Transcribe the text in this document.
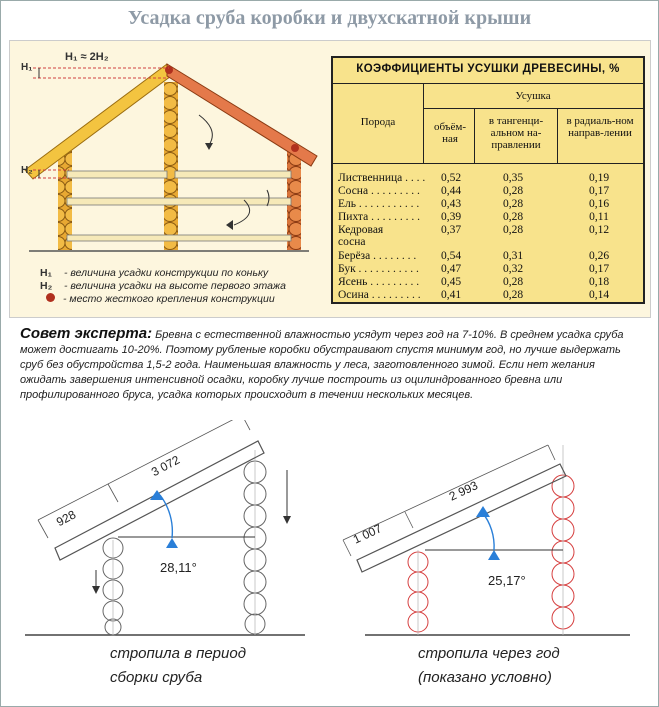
Усадка сруба коробки и двухскатной крыши
H₁
H₂
H₁ ≈ 2H₂
H₁ - величина усадки конструкции по коньку
H₂ - величина усадки на высоте первого этажа
- место жесткого крепления конструкции
КОЭФФИЦИЕНТЫ УСУШКИ ДРЕВЕСИНЫ, %
Порода
Усушка
объём-ная
в тангенци-альном на-правлении
в радиаль-ном направ-лении
Лиственница . . . .	0,52	0,35	0,19
Сосна . . . . . . . . .	0,44	0,28	0,17
Ель . . . . . . . . . . .	0,43	0,28	0,16
Пихта . . . . . . . . .	0,39	0,28	0,11
Кедровая	0,37	0,28	0,12
сосна
Берёза . . . . . . . .	0,54	0,31	0,26
Бук . . . . . . . . . . .	0,47	0,32	0,17
Ясень . . . . . . . . .	0,45	0,28	0,18
Осина . . . . . . . . .	0,41	0,28	0,14
Совет эксперта: Бревна с естественной влажностью усядут через год на 7-10%. В среднем усадка сруба может достигать 10-20%. Поэтому рубленые коробки обустраивают спустя минимум год, но лучше выдержать сруб без обустройства 1,5-2 года. Наименьшая влажность у леса, заготовленного зимой. Если нет желания ожидать завершения интенсивной осадки, коробку лучше построить из оцилиндрованного бревна или профилированного бруса, усадка которых происходит в течении нескольких месяцев.
928
3 072
28,11°
1 007
2 993
25,17°
стропила в период
сборки сруба
стропила через год
(показано условно)
